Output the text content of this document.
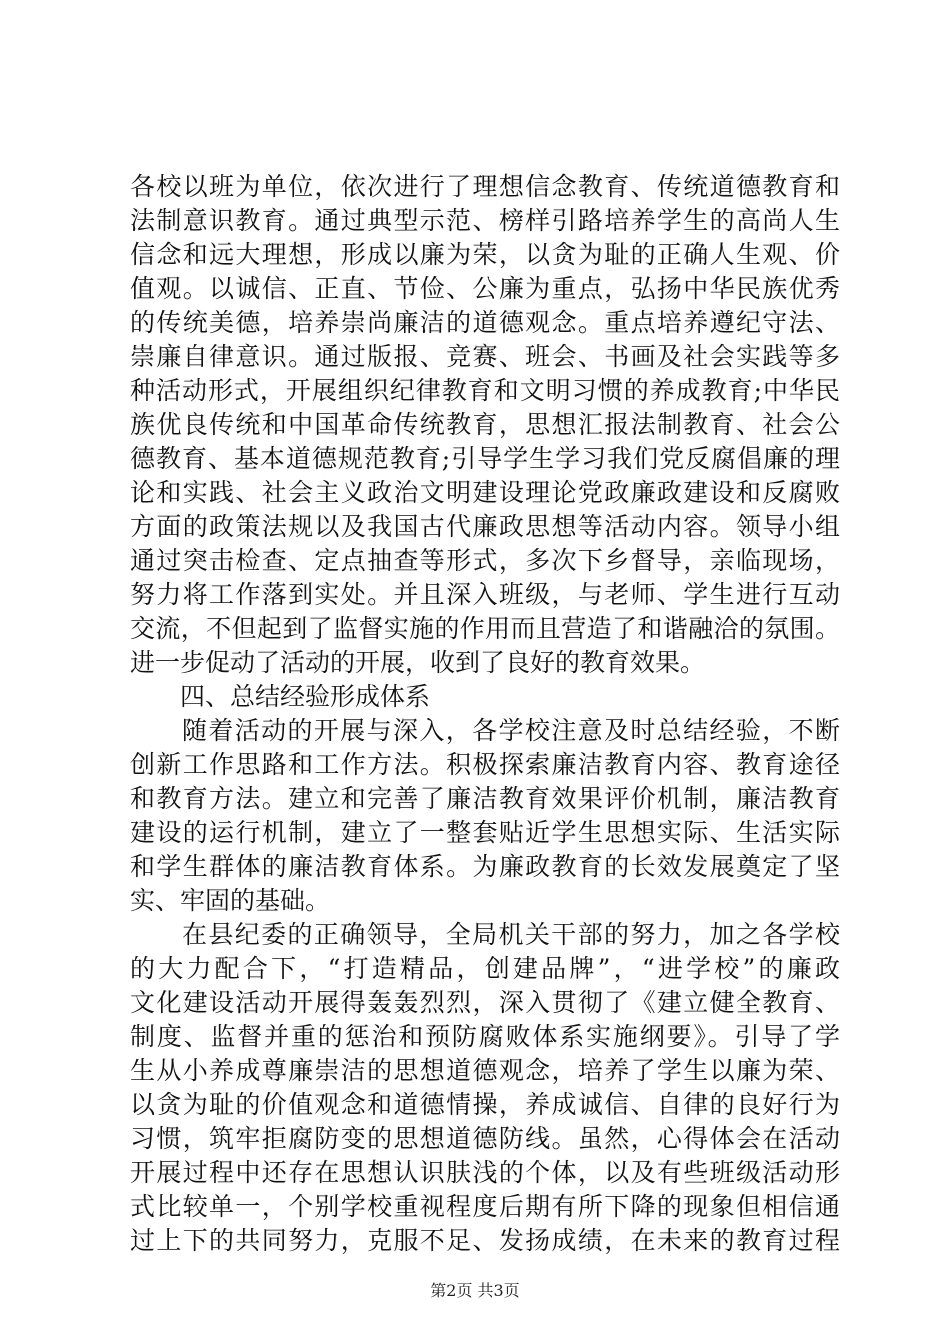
各校以班为单位，依次进行了理想信念教育、传统道德教育和
法制意识教育。通过典型示范、榜样引路培养学生的高尚人生
信念和远大理想，形成以廉为荣，以贪为耻的正确人生观、价
值观。以诚信、正直、节俭、公廉为重点，弘扬中华民族优秀
的传统美德，培养崇尚廉洁的道德观念。重点培养遵纪守法、
崇廉自律意识。通过版报、竞赛、班会、书画及社会实践等多
种活动形式，开展组织纪律教育和文明习惯的养成教育;中华民
族优良传统和中国革命传统教育，思想汇报法制教育、社会公
德教育、基本道德规范教育;引导学生学习我们党反腐倡廉的理
论和实践、社会主义政治文明建设理论党政廉政建设和反腐败
方面的政策法规以及我国古代廉政思想等活动内容。领导小组
通过突击检查、定点抽查等形式，多次下乡督导，亲临现场，
努力将工作落到实处。并且深入班级，与老师、学生进行互动
交流，不但起到了监督实施的作用而且营造了和谐融洽的氛围。
进一步促动了活动的开展，收到了良好的教育效果。
四、总结经验形成体系
随着活动的开展与深入，各学校注意及时总结经验，不断
创新工作思路和工作方法。积极探索廉洁教育内容、教育途径
和教育方法。建立和完善了廉洁教育效果评价机制，廉洁教育
建设的运行机制，建立了一整套贴近学生思想实际、生活实际
和学生群体的廉洁教育体系。为廉政教育的长效发展奠定了坚
实、牢固的基础。
在县纪委的正确领导，全局机关干部的努力，加之各学校
的大力配合下，“打造精品，创建品牌”，“进学校”的廉政
文化建设活动开展得轰轰烈烈，深入贯彻了《建立健全教育、
制度、监督并重的惩治和预防腐败体系实施纲要》。引导了学
生从小养成尊廉崇洁的思想道德观念，培养了学生以廉为荣、
以贪为耻的价值观念和道德情操，养成诚信、自律的良好行为
习惯，筑牢拒腐防变的思想道德防线。虽然，心得体会在活动
开展过程中还存在思想认识肤浅的个体，以及有些班级活动形
式比较单一，个别学校重视程度后期有所下降的现象但相信通
过上下的共同努力，克服不足、发扬成绩，在未来的教育过程
第2页 共3页
